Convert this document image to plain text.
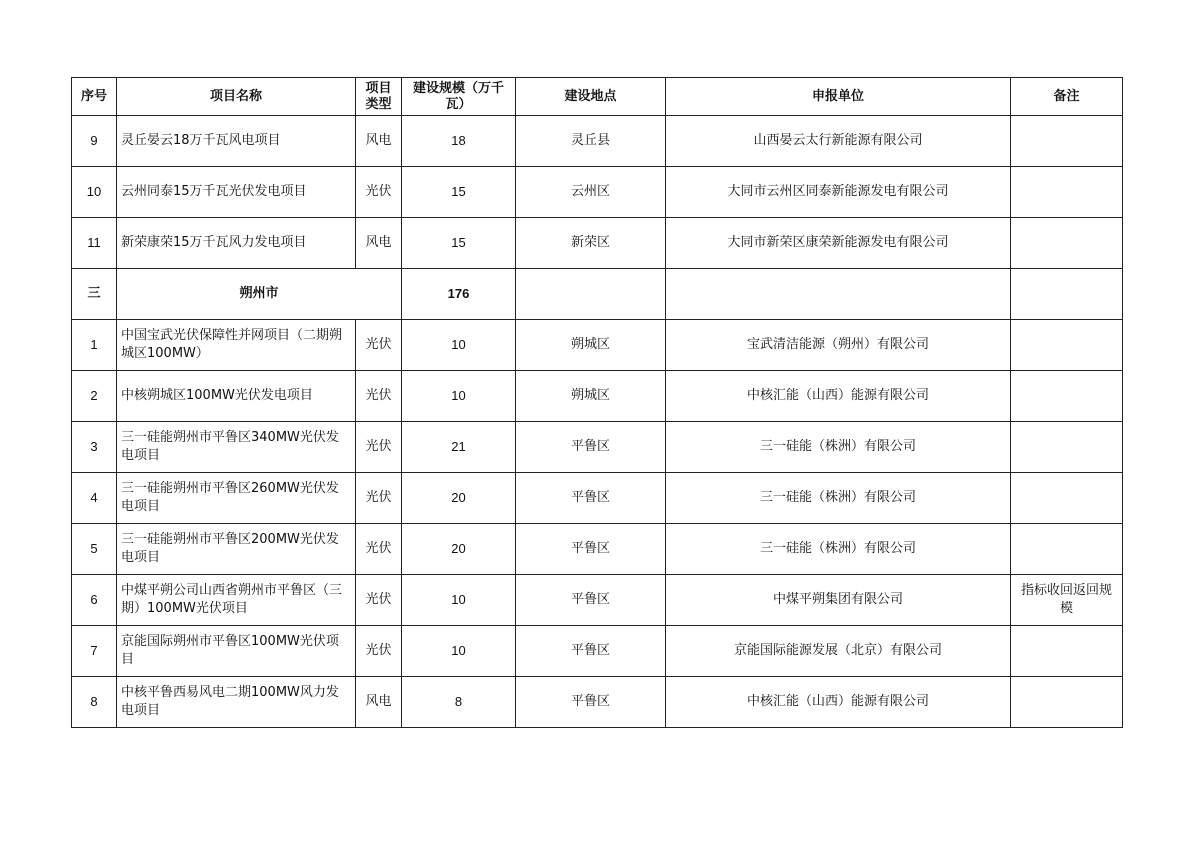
序号	项目名称	项目类型	建设规模（万千瓦）	建设地点	申报单位	备注
9	灵丘晏云18万千瓦风电项目	风电	18	灵丘县	山西晏云太行新能源有限公司	
10	云州同泰15万千瓦光伏发电项目	光伏	15	云州区	大同市云州区同泰新能源发电有限公司	
11	新荣康荣15万千瓦风力发电项目	风电	15	新荣区	大同市新荣区康荣新能源发电有限公司	
三	朔州市		176			
1	中国宝武光伏保障性并网项目（二期朔城区100MW）	光伏	10	朔城区	宝武清洁能源（朔州）有限公司	
2	中核朔城区100MW光伏发电项目	光伏	10	朔城区	中核汇能（山西）能源有限公司	
3	三一硅能朔州市平鲁区340MW光伏发电项目	光伏	21	平鲁区	三一硅能（株洲）有限公司	
4	三一硅能朔州市平鲁区260MW光伏发电项目	光伏	20	平鲁区	三一硅能（株洲）有限公司	
5	三一硅能朔州市平鲁区200MW光伏发电项目	光伏	20	平鲁区	三一硅能（株洲）有限公司	
6	中煤平朔公司山西省朔州市平鲁区（三期）100MW光伏项目	光伏	10	平鲁区	中煤平朔集团有限公司	指标收回返回规模
7	京能国际朔州市平鲁区100MW光伏项目	光伏	10	平鲁区	京能国际能源发展（北京）有限公司	
8	中核平鲁西易风电二期100MW风力发电项目	风电	8	平鲁区	中核汇能（山西）能源有限公司	
